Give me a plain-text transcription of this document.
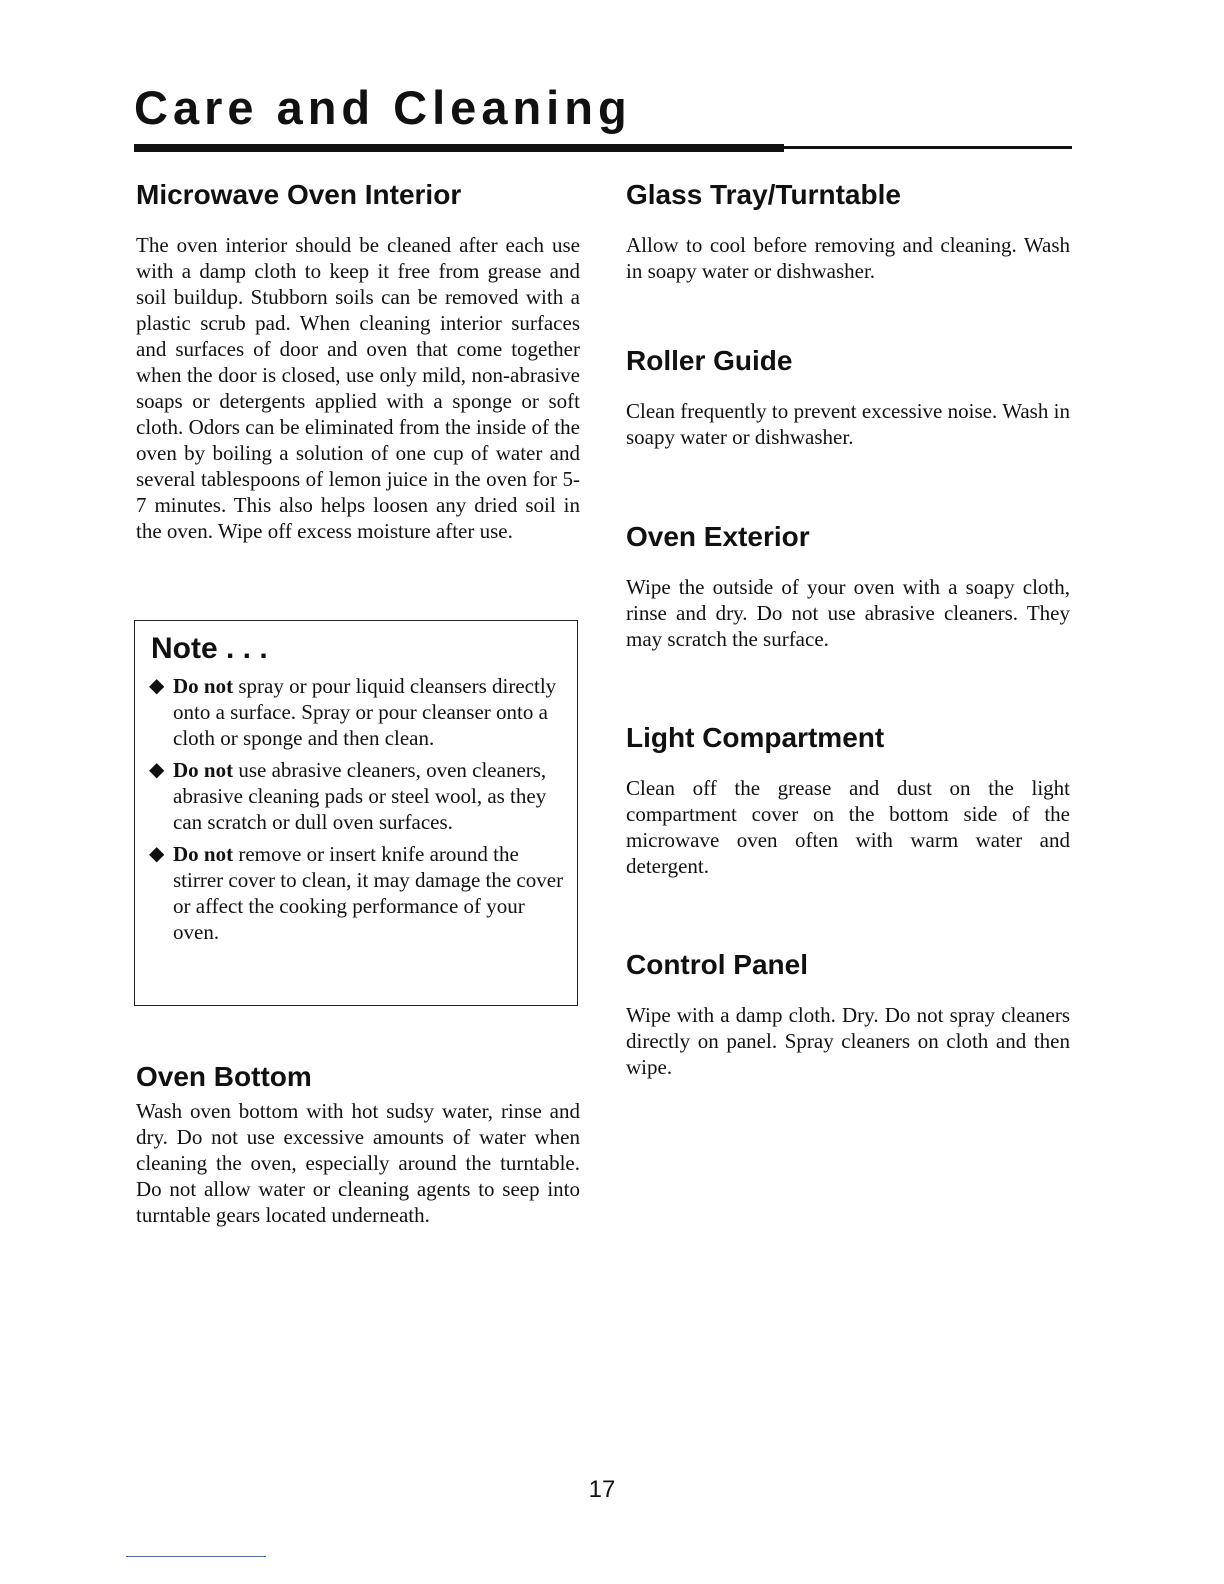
Care and Cleaning
Microwave Oven Interior

The oven interior should be cleaned after each use with a damp cloth to keep it free from grease and soil buildup. Stubborn soils can be removed with a plastic scrub pad. When cleaning interior surfaces and surfaces of door and oven that come together when the door is closed, use only mild, non-abrasive soaps or detergents applied with a sponge or soft cloth. Odors can be eliminated from the inside of the oven by boiling a solution of one cup of water and several tablespoons of lemon juice in the oven for 5-7 minutes. This also helps loosen any dried soil in the oven. Wipe off excess moisture after use.

Note . . .
◆ Do not spray or pour liquid cleansers directly onto a surface. Spray or pour cleanser onto a cloth or sponge and then clean.
◆ Do not use abrasive cleaners, oven cleaners, abrasive cleaning pads or steel wool, as they can scratch or dull oven surfaces.
◆ Do not remove or insert knife around the stirrer cover to clean, it may damage the cover or affect the cooking performance of your oven.
Oven Bottom

Wash oven bottom with hot sudsy water, rinse and dry. Do not use excessive amounts of water when cleaning the oven, especially around the turntable. Do not allow water or cleaning agents to seep into turntable gears located underneath.

Glass Tray/Turntable

Allow to cool before removing and cleaning. Wash in soapy water or dishwasher.

Roller Guide

Clean frequently to prevent excessive noise. Wash in soapy water or dishwasher.

Oven Exterior

Wipe the outside of your oven with a soapy cloth, rinse and dry. Do not use abrasive cleaners. They may scratch the surface.

Light Compartment

Clean off the grease and dust on the light compartment cover on the bottom side of the microwave oven often with warm water and detergent.

Control Panel

Wipe with a damp cloth. Dry. Do not spray cleaners directly on panel. Spray cleaners on cloth and then wipe.

17
